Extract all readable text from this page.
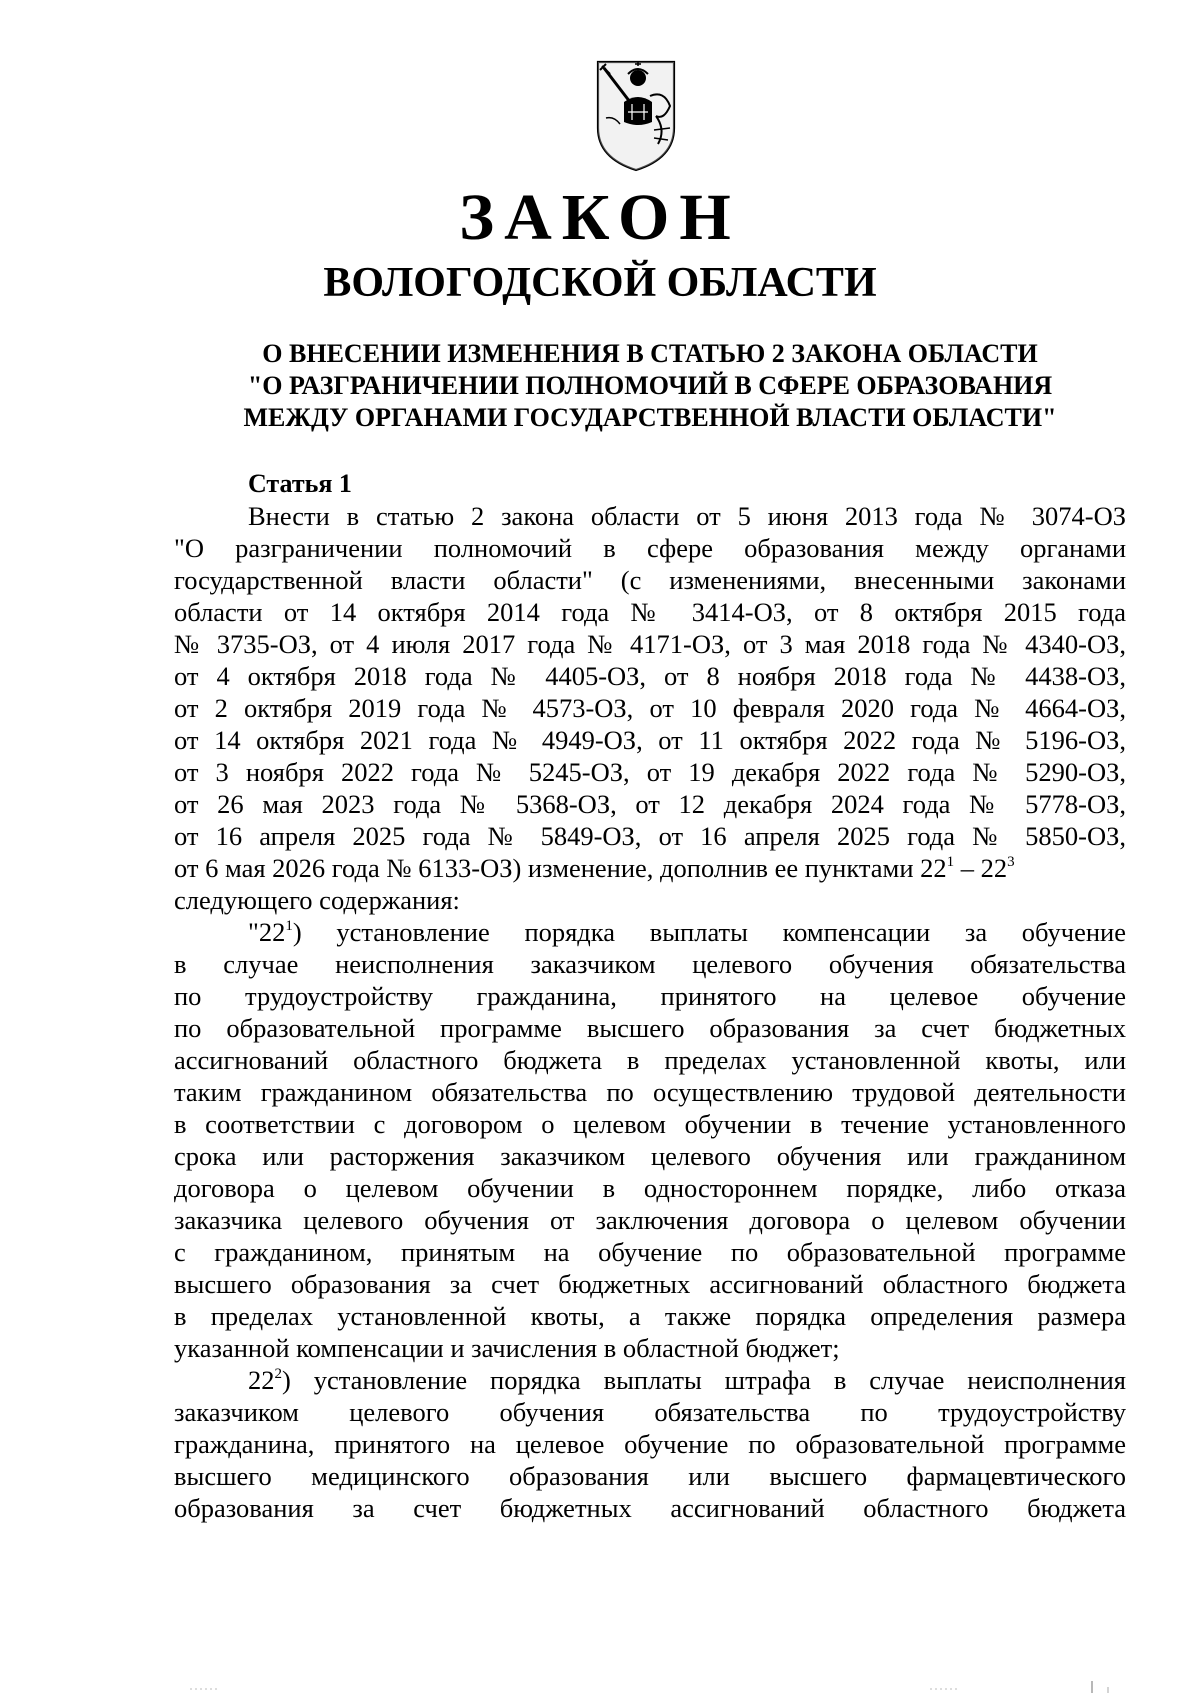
ЗАКОН
ВОЛОГОДСКОЙ ОБЛАСТИ
О ВНЕСЕНИИ ИЗМЕНЕНИЯ В СТАТЬЮ 2 ЗАКОНА ОБЛАСТИ
"О РАЗГРАНИЧЕНИИ ПОЛНОМОЧИЙ В СФЕРЕ ОБРАЗОВАНИЯ
МЕЖДУ ОРГАНАМИ ГОСУДАРСТВЕННОЙ ВЛАСТИ ОБЛАСТИ"
Статья 1
Внести в статью 2 закона области от 5 июня 2013 года № 3074-ОЗ
"О разграничении полномочий в сфере образования между органами
государственной власти области" (с изменениями, внесенными законами
области от 14 октября 2014 года № 3414-ОЗ, от 8 октября 2015 года
№ 3735-ОЗ, от 4 июля 2017 года № 4171-ОЗ, от 3 мая 2018 года № 4340-ОЗ,
от 4 октября 2018 года № 4405-ОЗ, от 8 ноября 2018 года № 4438-ОЗ,
от 2 октября 2019 года № 4573-ОЗ, от 10 февраля 2020 года № 4664-ОЗ,
от 14 октября 2021 года № 4949-ОЗ, от 11 октября 2022 года № 5196-ОЗ,
от 3 ноября 2022 года № 5245-ОЗ, от 19 декабря 2022 года № 5290-ОЗ,
от 26 мая 2023 года № 5368-ОЗ, от 12 декабря 2024 года № 5778-ОЗ,
от 16 апреля 2025 года № 5849-ОЗ, от 16 апреля 2025 года № 5850-ОЗ,
от 6 мая 2026 года № 6133-ОЗ) изменение, дополнив ее пунктами $22^1 - 22^3$
следующего содержания:
"$22^1$) установление порядка выплаты компенсации за обучение
в случае неисполнения заказчиком целевого обучения обязательства
по трудоустройству гражданина, принятого на целевое обучение
по образовательной программе высшего образования за счет бюджетных
ассигнований областного бюджета в пределах установленной квоты, или
таким гражданином обязательства по осуществлению трудовой деятельности
в соответствии с договором о целевом обучении в течение установленного
срока или расторжения заказчиком целевого обучения или гражданином
договора о целевом обучении в одностороннем порядке, либо отказа
заказчика целевого обучения от заключения договора о целевом обучении
с гражданином, принятым на обучение по образовательной программе
высшего образования за счет бюджетных ассигнований областного бюджета
в пределах установленной квоты, а также порядка определения размера
указанной компенсации и зачисления в областной бюджет;
$22^2$) установление порядка выплаты штрафа в случае неисполнения
заказчиком целевого обучения обязательства по трудоустройству
гражданина, принятого на целевое обучение по образовательной программе
высшего медицинского образования или высшего фармацевтического
образования за счет бюджетных ассигнований областного бюджета
